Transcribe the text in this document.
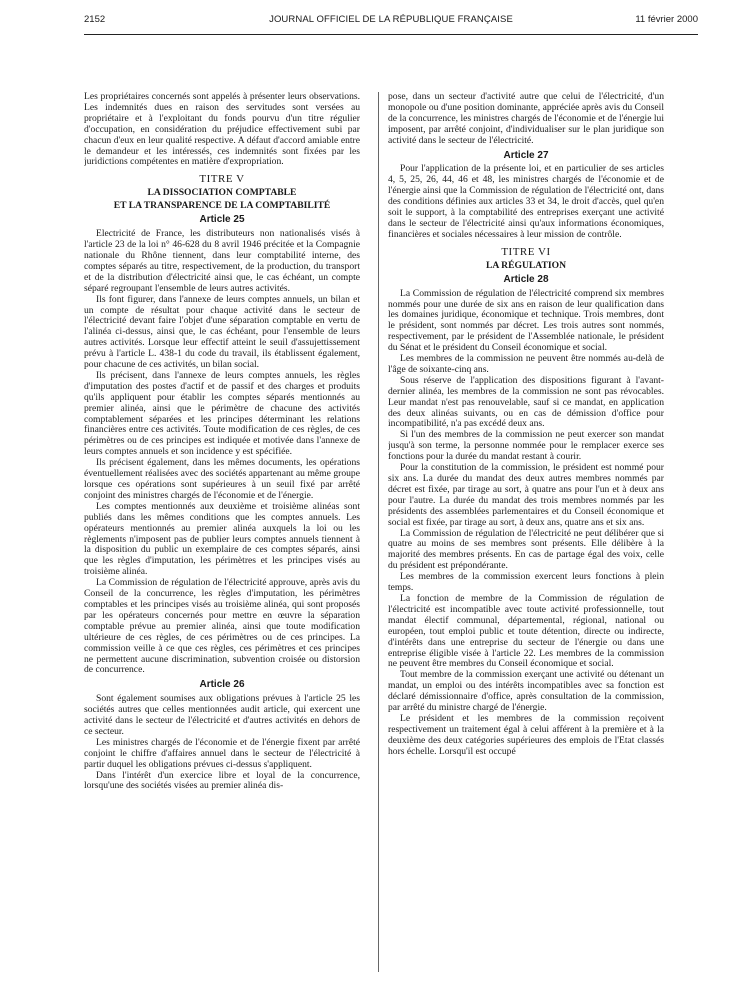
2152	JOURNAL OFFICIEL DE LA RÉPUBLIQUE FRANÇAISE	11 février 2000

Les propriétaires concernés sont appelés à présenter leurs observations. Les indemnités dues en raison des servitudes sont versées au propriétaire et à l'exploitant du fonds pourvu d'un titre régulier d'occupation, en considération du préjudice effectivement subi par chacun d'eux en leur qualité respective. A défaut d'accord amiable entre le demandeur et les intéressés, ces indemnités sont fixées par les juridictions compétentes en matière d'expropriation.

TITRE V
LA DISSOCIATION COMPTABLE
ET LA TRANSPARENCE DE LA COMPTABILITÉ
Article 25

Electricité de France, les distributeurs non nationalisés visés à l'article 23 de la loi n° 46-628 du 8 avril 1946 précitée et la Compagnie nationale du Rhône tiennent, dans leur comptabilité interne, des comptes séparés au titre, respectivement, de la production, du transport et de la distribution d'électricité ainsi que, le cas échéant, un compte séparé regroupant l'ensemble de leurs autres activités.

Ils font figurer, dans l'annexe de leurs comptes annuels, un bilan et un compte de résultat pour chaque activité dans le secteur de l'électricité devant faire l'objet d'une séparation comptable en vertu de l'alinéa ci-dessus, ainsi que, le cas échéant, pour l'ensemble de leurs autres activités. Lorsque leur effectif atteint le seuil d'assujettissement prévu à l'article L. 438-1 du code du travail, ils établissent également, pour chacune de ces activités, un bilan social.

Ils précisent, dans l'annexe de leurs comptes annuels, les règles d'imputation des postes d'actif et de passif et des charges et produits qu'ils appliquent pour établir les comptes séparés mentionnés au premier alinéa, ainsi que le périmètre de chacune des activités comptablement séparées et les principes déterminant les relations financières entre ces activités. Toute modification de ces règles, de ces périmètres ou de ces principes est indiquée et motivée dans l'annexe de leurs comptes annuels et son incidence y est spécifiée.

Ils précisent également, dans les mêmes documents, les opérations éventuellement réalisées avec des sociétés appartenant au même groupe lorsque ces opérations sont supérieures à un seuil fixé par arrêté conjoint des ministres chargés de l'économie et de l'énergie.

Les comptes mentionnés aux deuxième et troisième alinéas sont publiés dans les mêmes conditions que les comptes annuels. Les opérateurs mentionnés au premier alinéa auxquels la loi ou les règlements n'imposent pas de publier leurs comptes annuels tiennent à la disposition du public un exemplaire de ces comptes séparés, ainsi que les règles d'imputation, les périmètres et les principes visés au troisième alinéa.

La Commission de régulation de l'électricité approuve, après avis du Conseil de la concurrence, les règles d'imputation, les périmètres comptables et les principes visés au troisième alinéa, qui sont proposés par les opérateurs concernés pour mettre en œuvre la séparation comptable prévue au premier alinéa, ainsi que toute modification ultérieure de ces règles, de ces périmètres ou de ces principes. La commission veille à ce que ces règles, ces périmètres et ces principes ne permettent aucune discrimination, subvention croisée ou distorsion de concurrence.

Article 26

Sont également soumises aux obligations prévues à l'article 25 les sociétés autres que celles mentionnées audit article, qui exercent une activité dans le secteur de l'électricité et d'autres activités en dehors de ce secteur.

Les ministres chargés de l'économie et de l'énergie fixent par arrêté conjoint le chiffre d'affaires annuel dans le secteur de l'électricité à partir duquel les obligations prévues ci-dessus s'appliquent.

Dans l'intérêt d'un exercice libre et loyal de la concurrence, lorsqu'une des sociétés visées au premier alinéa dis-

pose, dans un secteur d'activité autre que celui de l'électricité, d'un monopole ou d'une position dominante, appréciée après avis du Conseil de la concurrence, les ministres chargés de l'économie et de l'énergie lui imposent, par arrêté conjoint, d'individualiser sur le plan juridique son activité dans le secteur de l'électricité.

Article 27

Pour l'application de la présente loi, et en particulier de ses articles 4, 5, 25, 26, 44, 46 et 48, les ministres chargés de l'économie et de l'énergie ainsi que la Commission de régulation de l'électricité ont, dans des conditions définies aux articles 33 et 34, le droit d'accès, quel qu'en soit le support, à la comptabilité des entreprises exerçant une activité dans le secteur de l'électricité ainsi qu'aux informations économiques, financières et sociales nécessaires à leur mission de contrôle.

TITRE VI
LA RÉGULATION
Article 28

La Commission de régulation de l'électricité comprend six membres nommés pour une durée de six ans en raison de leur qualification dans les domaines juridique, économique et technique. Trois membres, dont le président, sont nommés par décret. Les trois autres sont nommés, respectivement, par le président de l'Assemblée nationale, le président du Sénat et le président du Conseil économique et social.

Les membres de la commission ne peuvent être nommés au-delà de l'âge de soixante-cinq ans.

Sous réserve de l'application des dispositions figurant à l'avant-dernier alinéa, les membres de la commission ne sont pas révocables. Leur mandat n'est pas renouvelable, sauf si ce mandat, en application des deux alinéas suivants, ou en cas de démission d'office pour incompatibilité, n'a pas excédé deux ans.

Si l'un des membres de la commission ne peut exercer son mandat jusqu'à son terme, la personne nommée pour le remplacer exerce ses fonctions pour la durée du mandat restant à courir.

Pour la constitution de la commission, le président est nommé pour six ans. La durée du mandat des deux autres membres nommés par décret est fixée, par tirage au sort, à quatre ans pour l'un et à deux ans pour l'autre. La durée du mandat des trois membres nommés par les présidents des assemblées parlementaires et du Conseil économique et social est fixée, par tirage au sort, à deux ans, quatre ans et six ans.

La Commission de régulation de l'électricité ne peut délibérer que si quatre au moins de ses membres sont présents. Elle délibère à la majorité des membres présents. En cas de partage égal des voix, celle du président est prépondérante.

Les membres de la commission exercent leurs fonctions à plein temps.

La fonction de membre de la Commission de régulation de l'électricité est incompatible avec toute activité professionnelle, tout mandat électif communal, départemental, régional, national ou européen, tout emploi public et toute détention, directe ou indirecte, d'intérêts dans une entreprise du secteur de l'énergie ou dans une entreprise éligible visée à l'article 22. Les membres de la commission ne peuvent être membres du Conseil économique et social.

Tout membre de la commission exerçant une activité ou détenant un mandat, un emploi ou des intérêts incompatibles avec sa fonction est déclaré démissionnaire d'office, après consultation de la commission, par arrêté du ministre chargé de l'énergie.

Le président et les membres de la commission reçoivent respectivement un traitement égal à celui afférent à la première et à la deuxième des deux catégories supérieures des emplois de l'Etat classés hors échelle. Lorsqu'il est occupé
